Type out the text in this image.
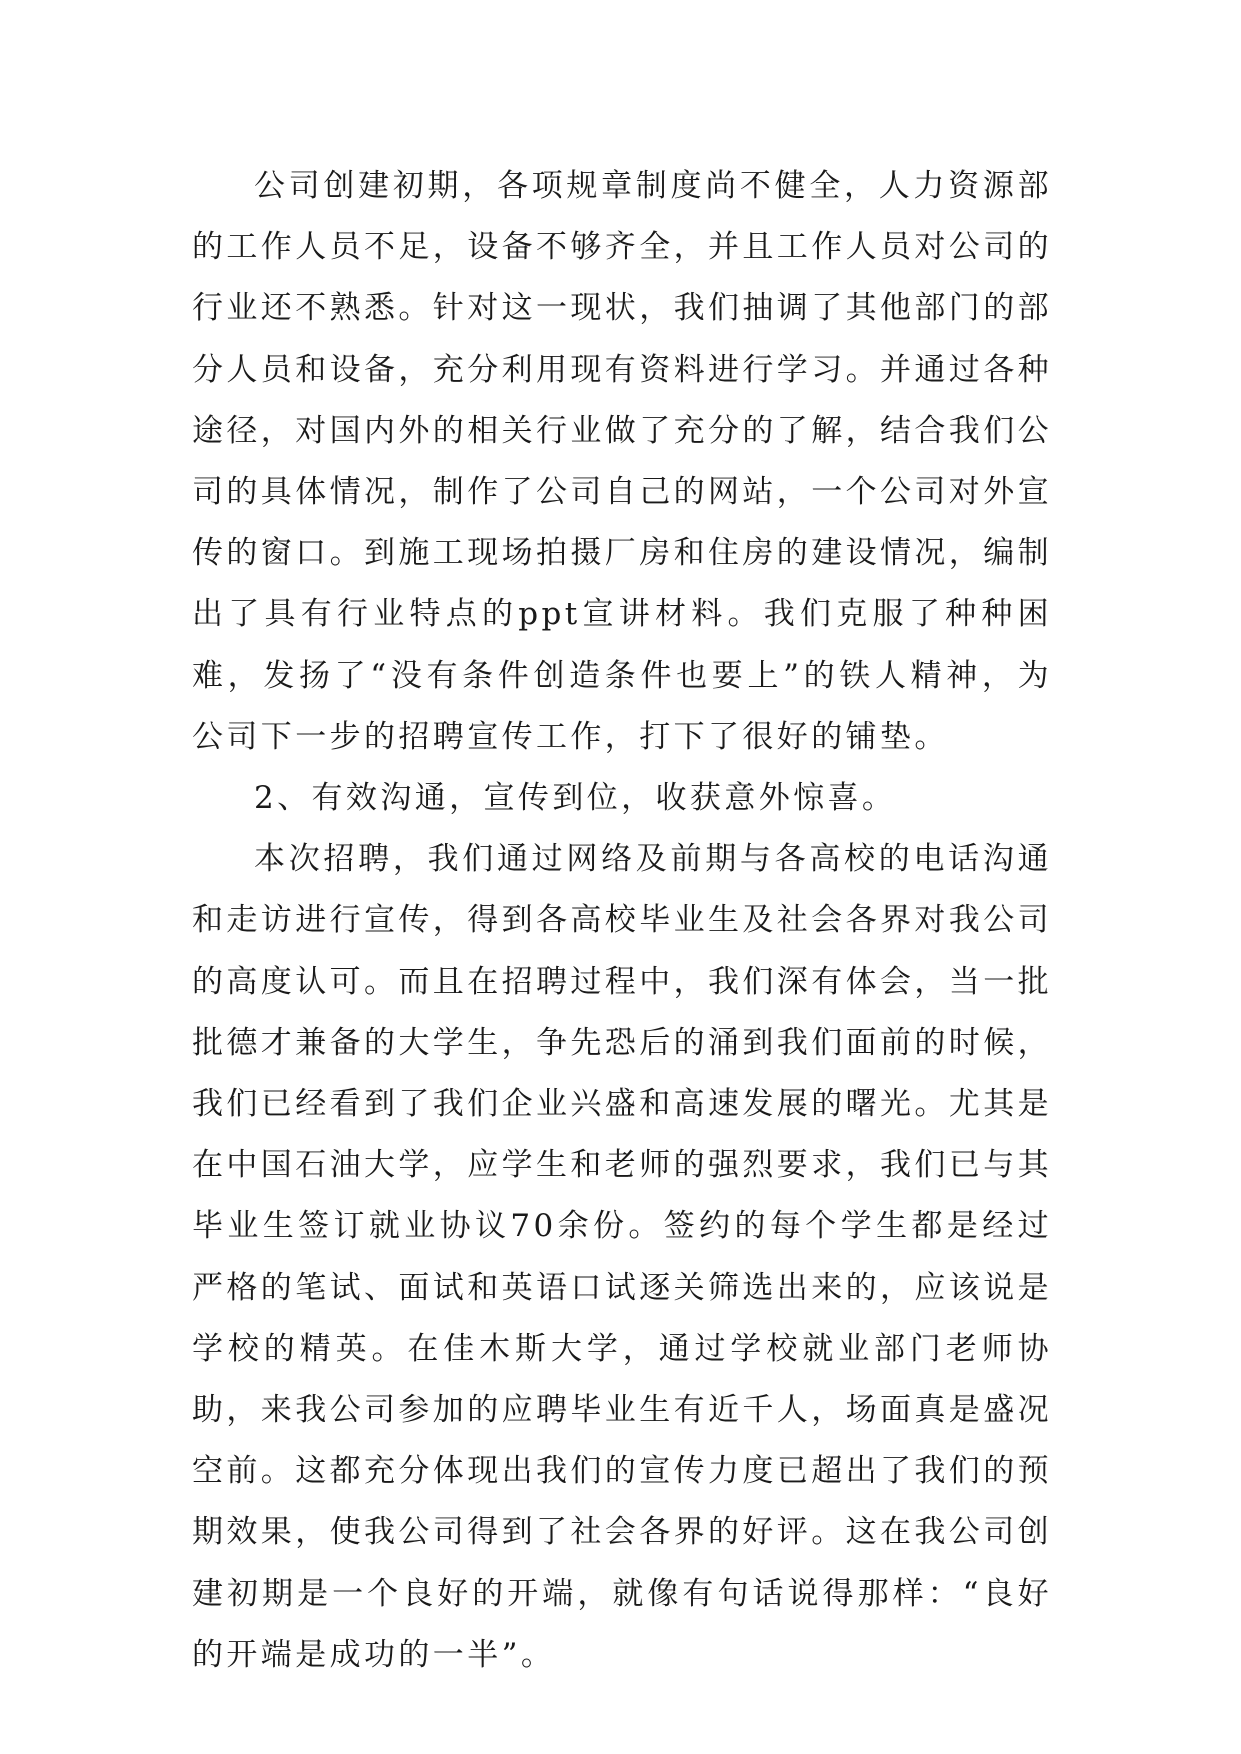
公司创建初期，各项规章制度尚不健全，人力资源部的工作人员不足，设备不够齐全，并且工作人员对公司的行业还不熟悉。针对这一现状，我们抽调了其他部门的部分人员和设备，充分利用现有资料进行学习。并通过各种途径，对国内外的相关行业做了充分的了解，结合我们公司的具体情况，制作了公司自己的网站，一个公司对外宣传的窗口。到施工现场拍摄厂房和住房的建设情况，编制出了具有行业特点的ppt宣讲材料。我们克服了种种困难，发扬了“没有条件创造条件也要上”的铁人精神，为公司下一步的招聘宣传工作，打下了很好的铺垫。

2、有效沟通，宣传到位，收获意外惊喜。

本次招聘，我们通过网络及前期与各高校的电话沟通和走访进行宣传，得到各高校毕业生及社会各界对我公司的高度认可。而且在招聘过程中，我们深有体会，当一批批德才兼备的大学生，争先恐后的涌到我们面前的时候，我们已经看到了我们企业兴盛和高速发展的曙光。尤其是在中国石油大学，应学生和老师的强烈要求，我们已与其毕业生签订就业协议70余份。签约的每个学生都是经过严格的笔试、面试和英语口试逐关筛选出来的，应该说是学校的精英。在佳木斯大学，通过学校就业部门老师协助，来我公司参加的应聘毕业生有近千人，场面真是盛况空前。这都充分体现出我们的宣传力度已超出了我们的预期效果，使我公司得到了社会各界的好评。这在我公司创建初期是一个良好的开端，就像有句话说得那样：“良好的开端是成功的一半”。
